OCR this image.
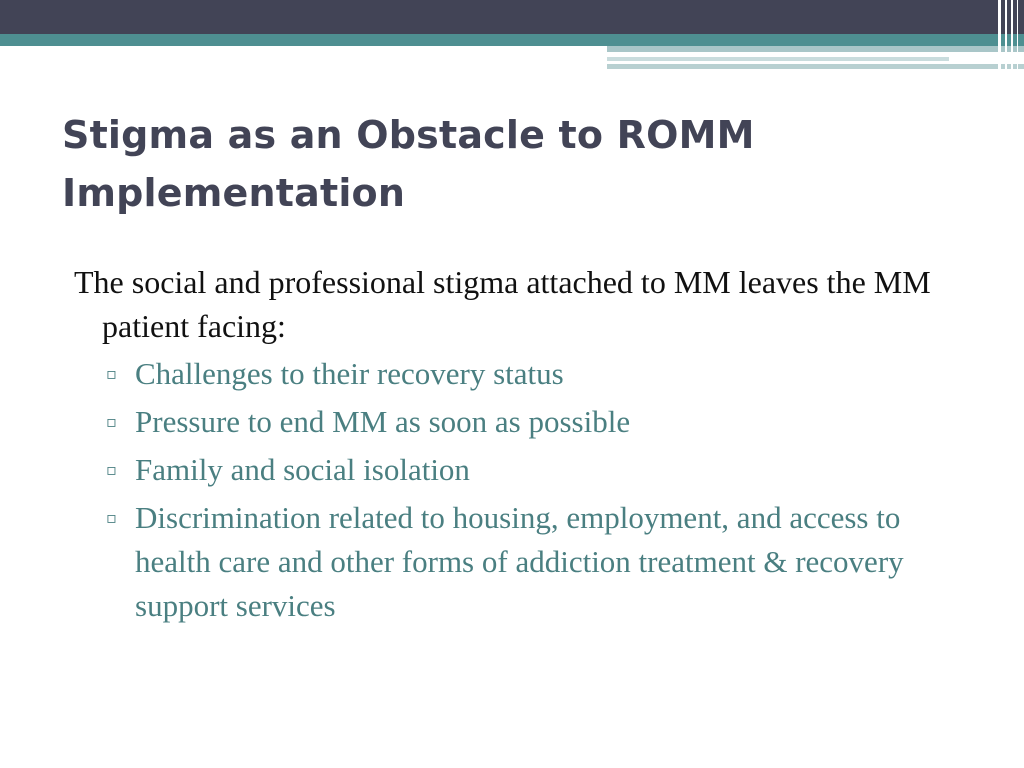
Stigma as an Obstacle to ROMM Implementation

The social and professional stigma attached to MM leaves the MM patient facing:

▫ Challenges to their recovery status
▫ Pressure to end MM as soon as possible
▫ Family and social isolation
▫ Discrimination related to housing, employment, and access to health care and other forms of addiction treatment & recovery support services
